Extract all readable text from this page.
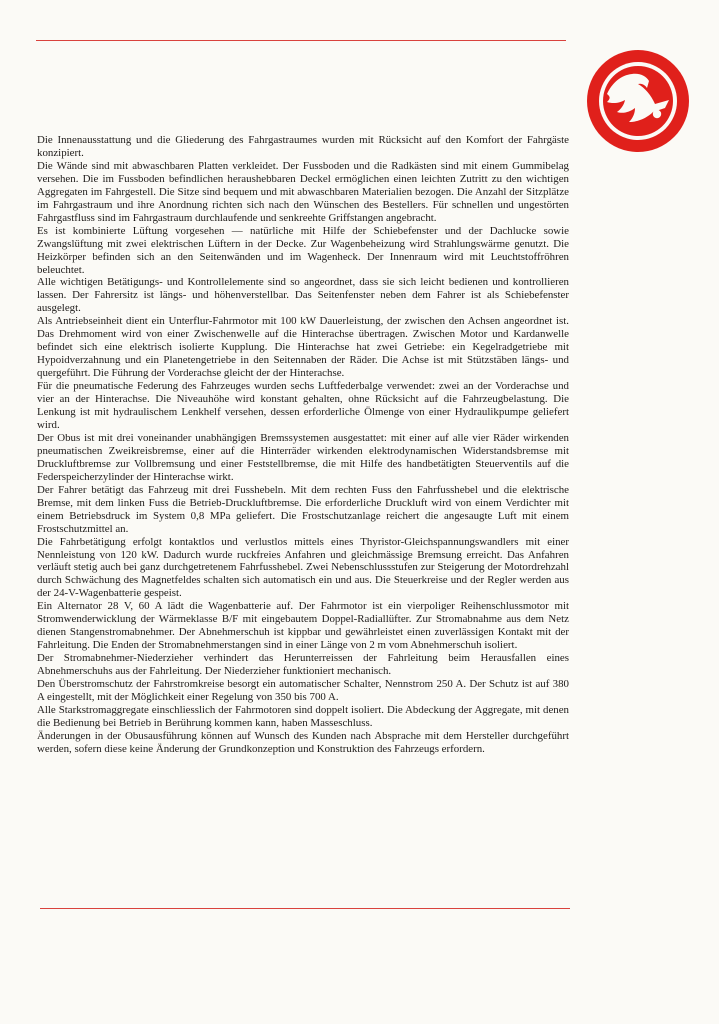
Die Innenausstattung und die Gliederung des Fahrgastraumes wurden mit Rücksicht auf den Komfort der Fahrgäste konzipiert.

Die Wände sind mit abwaschbaren Platten verkleidet. Der Fussboden und die Radkästen sind mit einem Gummibelag versehen. Die im Fussboden befindlichen heraushebbaren Deckel ermöglichen einen leichten Zutritt zu den wichtigen Aggregaten im Fahrgestell. Die Sitze sind bequem und mit abwaschbaren Materialien bezogen. Die Anzahl der Sitzplätze im Fahrgastraum und ihre Anordnung richten sich nach den Wünschen des Bestellers. Für schnellen und ungestörten Fahrgastfluss sind im Fahrgastraum durchlaufende und senkreehte Griffstangen angebracht.

Es ist kombinierte Lüftung vorgesehen — natürliche mit Hilfe der Schiebefenster und der Dachlucke sowie Zwangslüftung mit zwei elektrischen Lüftern in der Decke. Zur Wagenbeheizung wird Strahlungswärme genutzt. Die Heizkörper befinden sich an den Seitenwänden und im Wagenheck. Der Innenraum wird mit Leuchtstoffröhren beleuchtet.

Alle wichtigen Betätigungs- und Kontrollelemente sind so angeordnet, dass sie sich leicht bedienen und kontrollieren lassen. Der Fahrersitz ist längs- und höhenverstellbar. Das Seitenfenster neben dem Fahrer ist als Schiebefenster ausgelegt.

Als Antriebseinheit dient ein Unterflur-Fahrmotor mit 100 kW Dauerleistung, der zwischen den Achsen angeordnet ist. Das Drehmoment wird von einer Zwischenwelle auf die Hinterachse übertragen. Zwischen Motor und Kardanwelle befindet sich eine elektrisch isolierte Kupplung. Die Hinterachse hat zwei Getriebe: ein Kegelradgetriebe mit Hypoidverzahnung und ein Planetengetriebe in den Seitennaben der Räder. Die Achse ist mit Stützstäben längs- und quergeführt. Die Führung der Vorderachse gleicht der der Hinterachse.

Für die pneumatische Federung des Fahrzeuges wurden sechs Luftfederbalge verwendet: zwei an der Vorderachse und vier an der Hinterachse. Die Niveauhöhe wird konstant gehalten, ohne Rücksicht auf die Fahrzeugbelastung. Die Lenkung ist mit hydraulischem Lenkhelf versehen, dessen erforderliche Ölmenge von einer Hydraulikpumpe geliefert wird.

Der Obus ist mit drei voneinander unabhängigen Bremssystemen ausgestattet: mit einer auf alle vier Räder wirkenden pneumatischen Zweikreisbremse, einer auf die Hinterräder wirkenden elektrodynamischen Widerstandsbremse mit Druckluftbremse zur Vollbremsung und einer Feststellbremse, die mit Hilfe des handbetätigten Steuerventils auf die Federspeicherzylinder der Hinterachse wirkt.

Der Fahrer betätigt das Fahrzeug mit drei Fusshebeln. Mit dem rechten Fuss den Fahrfusshebel und die elektrische Bremse, mit dem linken Fuss die Betrieb-Druckluftbremse. Die erforderliche Druckluft wird von einem Verdichter mit einem Betriebsdruck im System 0,8 MPa geliefert. Die Frostschutzanlage reichert die angesaugte Luft mit einem Frostschutzmittel an.

Die Fahrbetätigung erfolgt kontaktlos und verlustlos mittels eines Thyristor-Gleichspannungswandlers mit einer Nennleistung von 120 kW. Dadurch wurde ruckfreies Anfahren und gleichmässige Bremsung erreicht. Das Anfahren verläuft stetig auch bei ganz durchgetretenem Fahrfusshebel. Zwei Nebenschlussstufen zur Steigerung der Motordrehzahl durch Schwächung des Magnetfeldes schalten sich automatisch ein und aus. Die Steuerkreise und der Regler werden aus der 24-V-Wagenbatterie gespeist.

Ein Alternator 28 V, 60 A lädt die Wagenbatterie auf. Der Fahrmotor ist ein vierpoliger Reihenschlussmotor mit Stromwenderwicklung der Wärmeklasse B/F mit eingebautem Doppel-Radiallüfter. Zur Stromabnahme aus dem Netz dienen Stangenstromabnehmer. Der Abnehmerschuh ist kippbar und gewährleistet einen zuverlässigen Kontakt mit der Fahrleitung. Die Enden der Stromabnehmerstangen sind in einer Länge von 2 m vom Abnehmerschuh isoliert.

Der Stromabnehmer-Niederzieher verhindert das Herunterreissen der Fahrleitung beim Herausfallen eines Abnehmerschuhs aus der Fahrleitung. Der Niederzieher funktioniert mechanisch.

Den Überstromschutz der Fahrstromkreise besorgt ein automatischer Schalter, Nennstrom 250 A. Der Schutz ist auf 380 A eingestellt, mit der Möglichkeit einer Regelung von 350 bis 700 A.

Alle Starkstromaggregate einschliesslich der Fahrmotoren sind doppelt isoliert. Die Abdeckung der Aggregate, mit denen die Bedienung bei Betrieb in Berührung kommen kann, haben Masseschluss.

Änderungen in der Obusausführung können auf Wunsch des Kunden nach Absprache mit dem Hersteller durchgeführt werden, sofern diese keine Änderung der Grundkonzeption und Konstruktion des Fahrzeugs erfordern.
